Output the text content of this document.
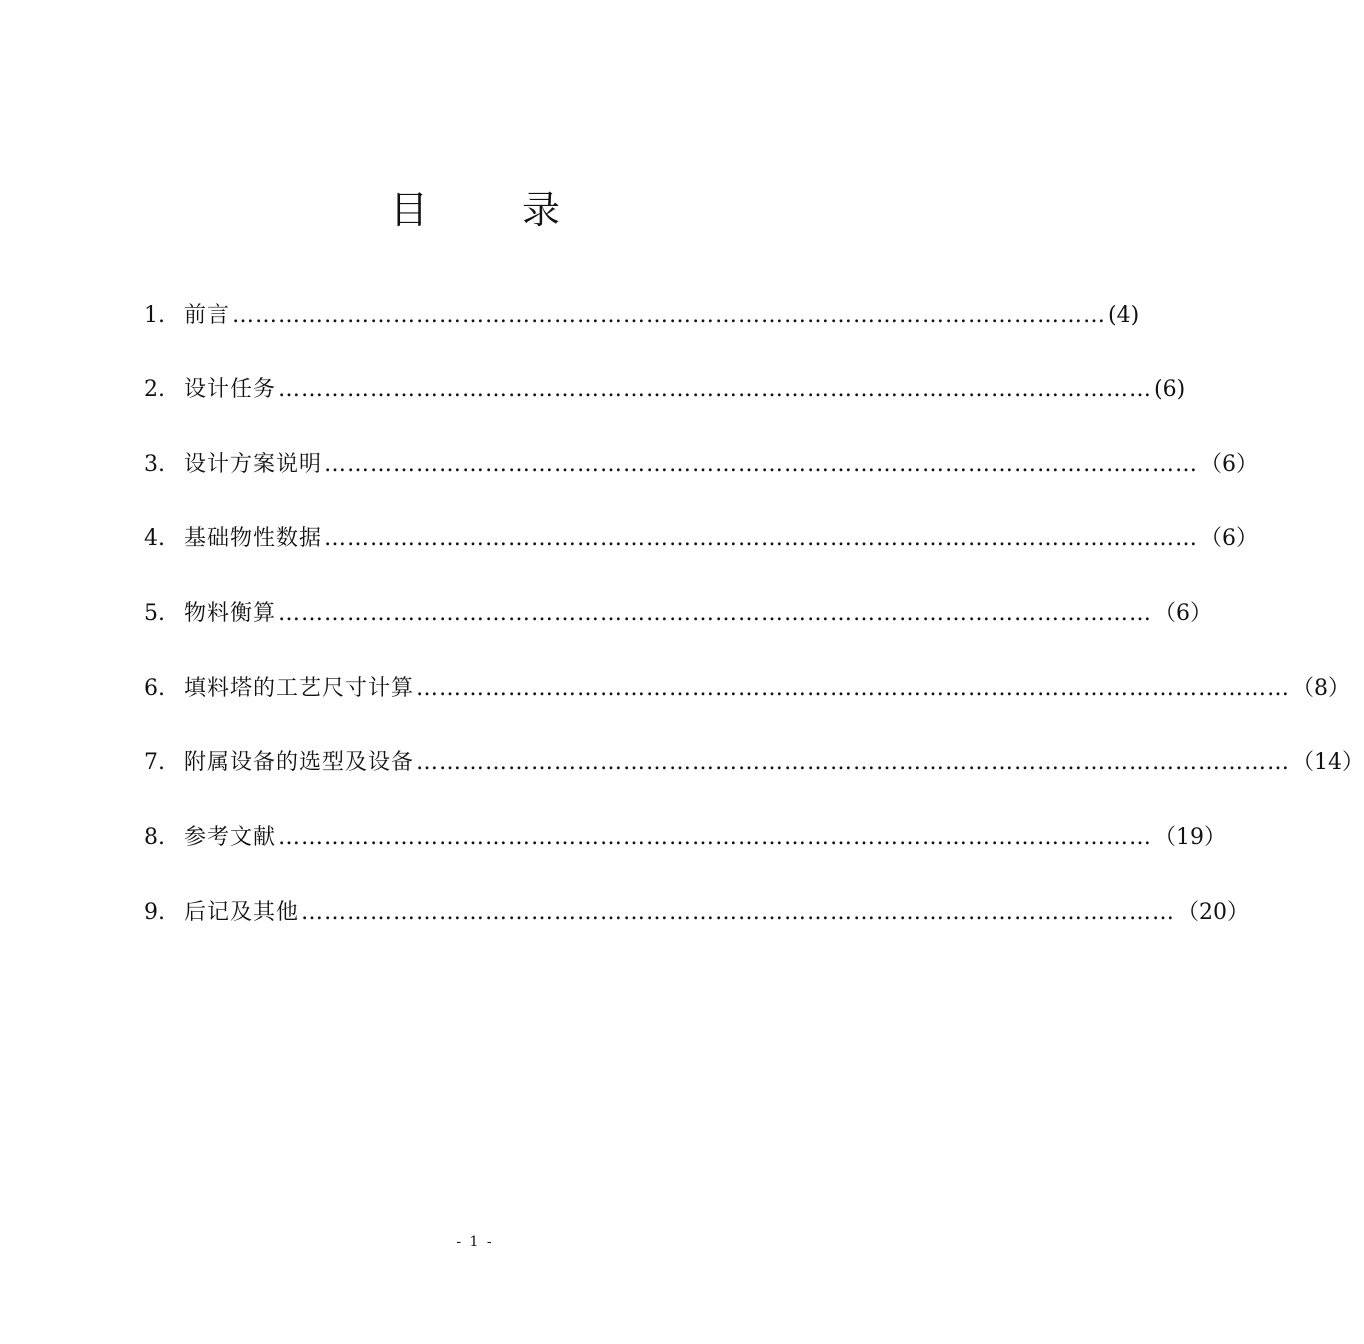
目 录
1. 前言 …………………………………………………………………………………………………… (4)
2. 设计任务 …………………………………………………………………………………………………… (6)
3. 设计方案说明 …………………………………………………………………………………………………… （6）
4. 基础物性数据 …………………………………………………………………………………………………… （6）
5. 物料衡算 …………………………………………………………………………………………………… （6）
6. 填料塔的工艺尺寸计算 …………………………………………………………………………………………………… （8）
7. 附属设备的选型及设备 …………………………………………………………………………………………………… （14）
8. 参考文献 …………………………………………………………………………………………………… （19）
9. 后记及其他 …………………………………………………………………………………………………… （20）
- 1 -
